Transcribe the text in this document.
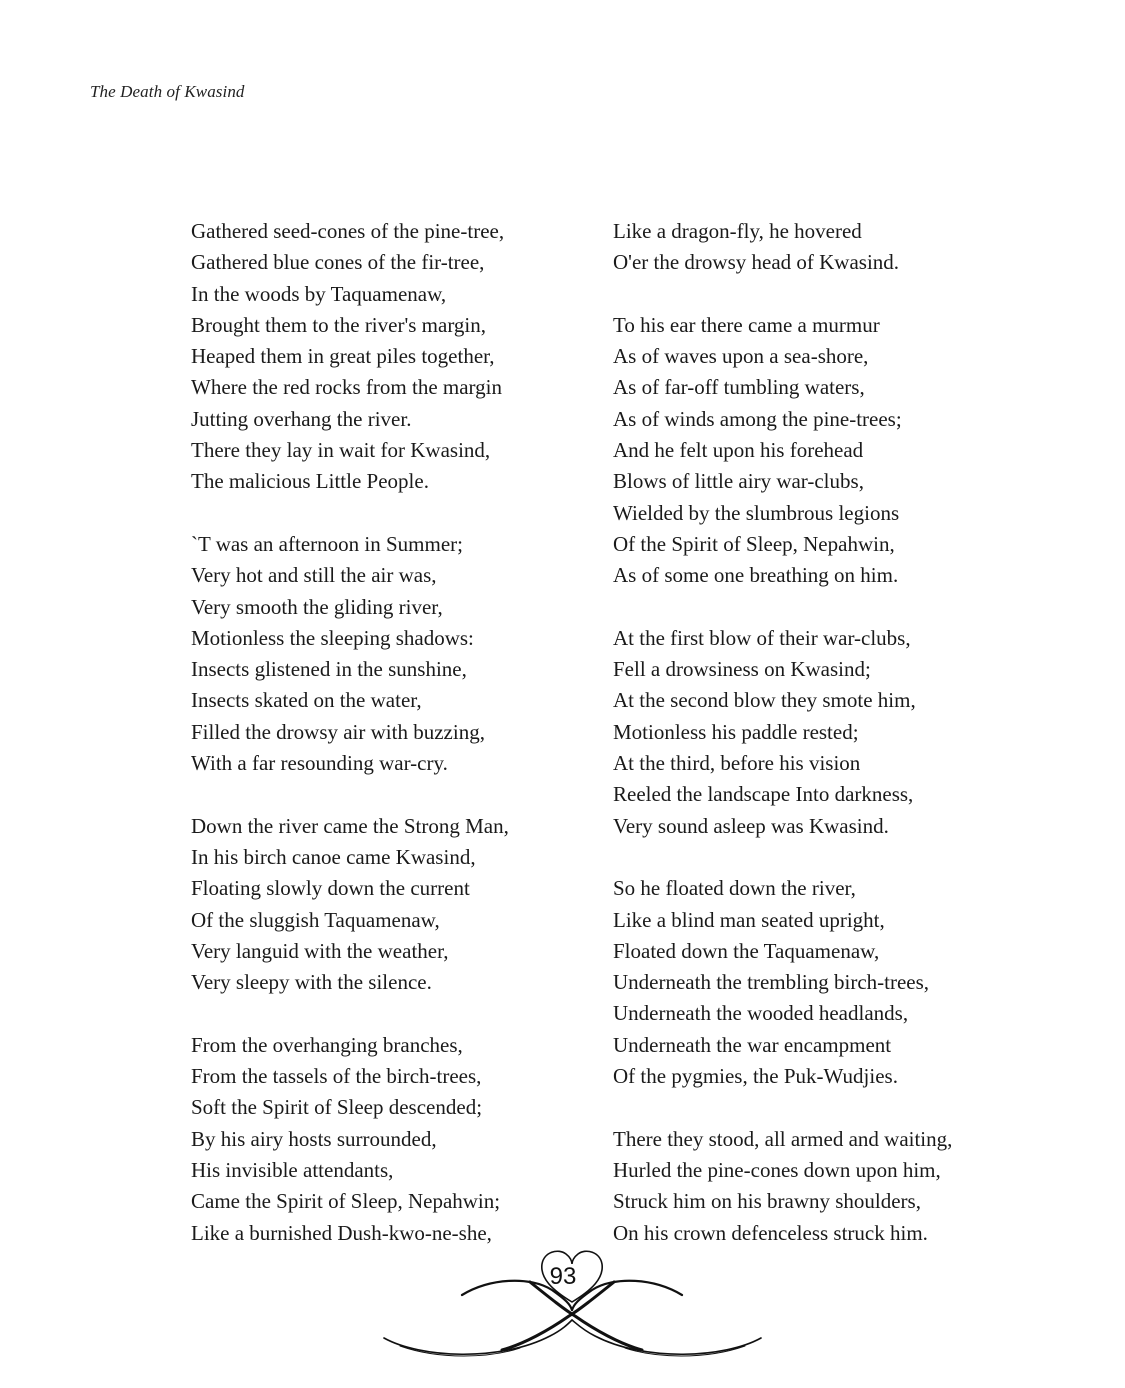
The Death of Kwasind
Gathered seed-cones of the pine-tree,
Gathered blue cones of the fir-tree,
In the woods by Taquamenaw,
Brought them to the river's margin,
Heaped them in great piles together,
Where the red rocks from the margin
Jutting overhang the river.
There they lay in wait for Kwasind,
The malicious Little People.
`T was an afternoon in Summer;
Very hot and still the air was,
Very smooth the gliding river,
Motionless the sleeping shadows:
Insects glistened in the sunshine,
Insects skated on the water,
Filled the drowsy air with buzzing,
With a far resounding war-cry.
Down the river came the Strong Man,
In his birch canoe came Kwasind,
Floating slowly down the current
Of the sluggish Taquamenaw,
Very languid with the weather,
Very sleepy with the silence.
From the overhanging branches,
From the tassels of the birch-trees,
Soft the Spirit of Sleep descended;
By his airy hosts surrounded,
His invisible attendants,
Came the Spirit of Sleep, Nepahwin;
Like a burnished Dush-kwo-ne-she,
Like a dragon-fly, he hovered
O'er the drowsy head of Kwasind.
To his ear there came a murmur
As of waves upon a sea-shore,
As of far-off tumbling waters,
As of winds among the pine-trees;
And he felt upon his forehead
Blows of little airy war-clubs,
Wielded by the slumbrous legions
Of the Spirit of Sleep, Nepahwin,
As of some one breathing on him.
At the first blow of their war-clubs,
Fell a drowsiness on Kwasind;
At the second blow they smote him,
Motionless his paddle rested;
At the third, before his vision
Reeled the landscape Into darkness,
Very sound asleep was Kwasind.
So he floated down the river,
Like a blind man seated upright,
Floated down the Taquamenaw,
Underneath the trembling birch-trees,
Underneath the wooded headlands,
Underneath the war encampment
Of the pygmies, the Puk-Wudjies.
There they stood, all armed and waiting,
Hurled the pine-cones down upon him,
Struck him on his brawny shoulders,
On his crown defenceless struck him.
93
